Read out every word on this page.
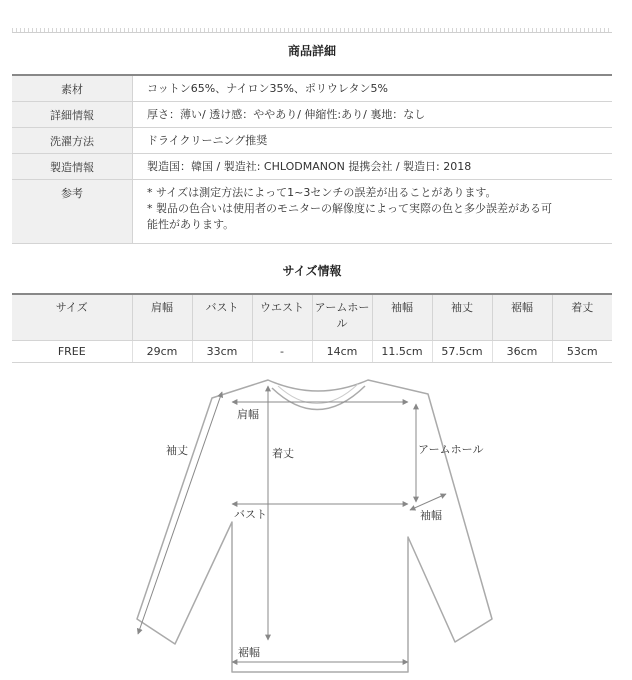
商品詳細
素材	コットン65%、ナイロン35%、ポリウレタン5%
詳細情報	厚さ：薄い/ 透け感：ややあり/ 伸縮性:あり/ 裏地：なし
洗濯方法	ドライクリーニング推奨
製造情報	製造国：韓国 / 製造社: CHLODMANON 提携会社 / 製造日: 2018
参考	* サイズは測定方法によって1~3センチの誤差が出ることがあります。
* 製品の色合いは使用者のモニターの解像度によって実際の色と多少誤差がある可
能性があります。
サイズ情報
サイズ	肩幅	バスト	ウエスト	アームホール	袖幅	袖丈	裾幅	着丈
FREE	29cm	33cm	-	14cm	11.5cm	57.5cm	36cm	53cm
肩幅
着丈
バスト
袖丈	アームホール
袖幅
裾幅
